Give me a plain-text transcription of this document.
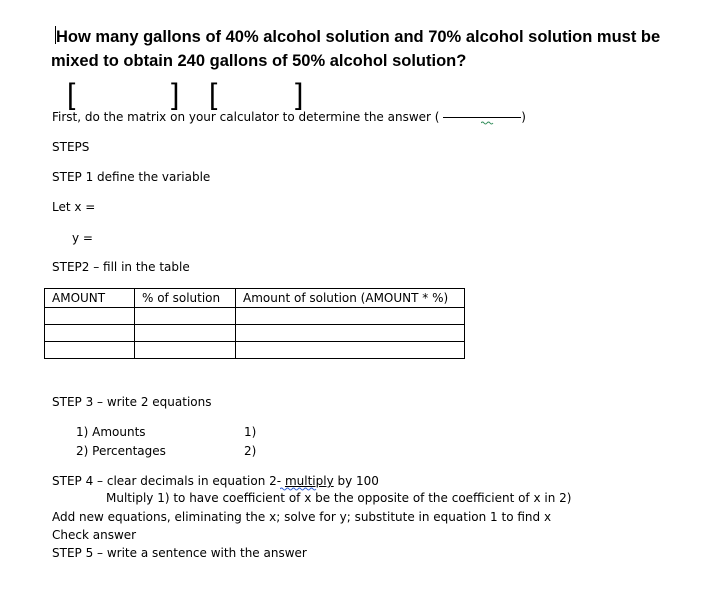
How many gallons of 40% alcohol solution and 70% alcohol solution must be
mixed to obtain 240 gallons of 50% alcohol solution?
[	] [	]
First, do the matrix on your calculator to determine the answer (	)
STEPS
STEP 1 define the variable
Let x =
y =
STEP2 – fill in the table
AMOUNT	% of solution	Amount of solution (AMOUNT * %)

STEP 3 – write 2 equations
1) Amounts
2) Percentages
1)
2)
STEP 4 – clear decimals in equation 2- multiply by 100
Multiply 1) to have coefficient of x be the opposite of the coefficient of x in 2)
Add new equations, eliminating the x; solve for y; substitute in equation 1 to find x
Check answer
STEP 5 – write a sentence with the answer
